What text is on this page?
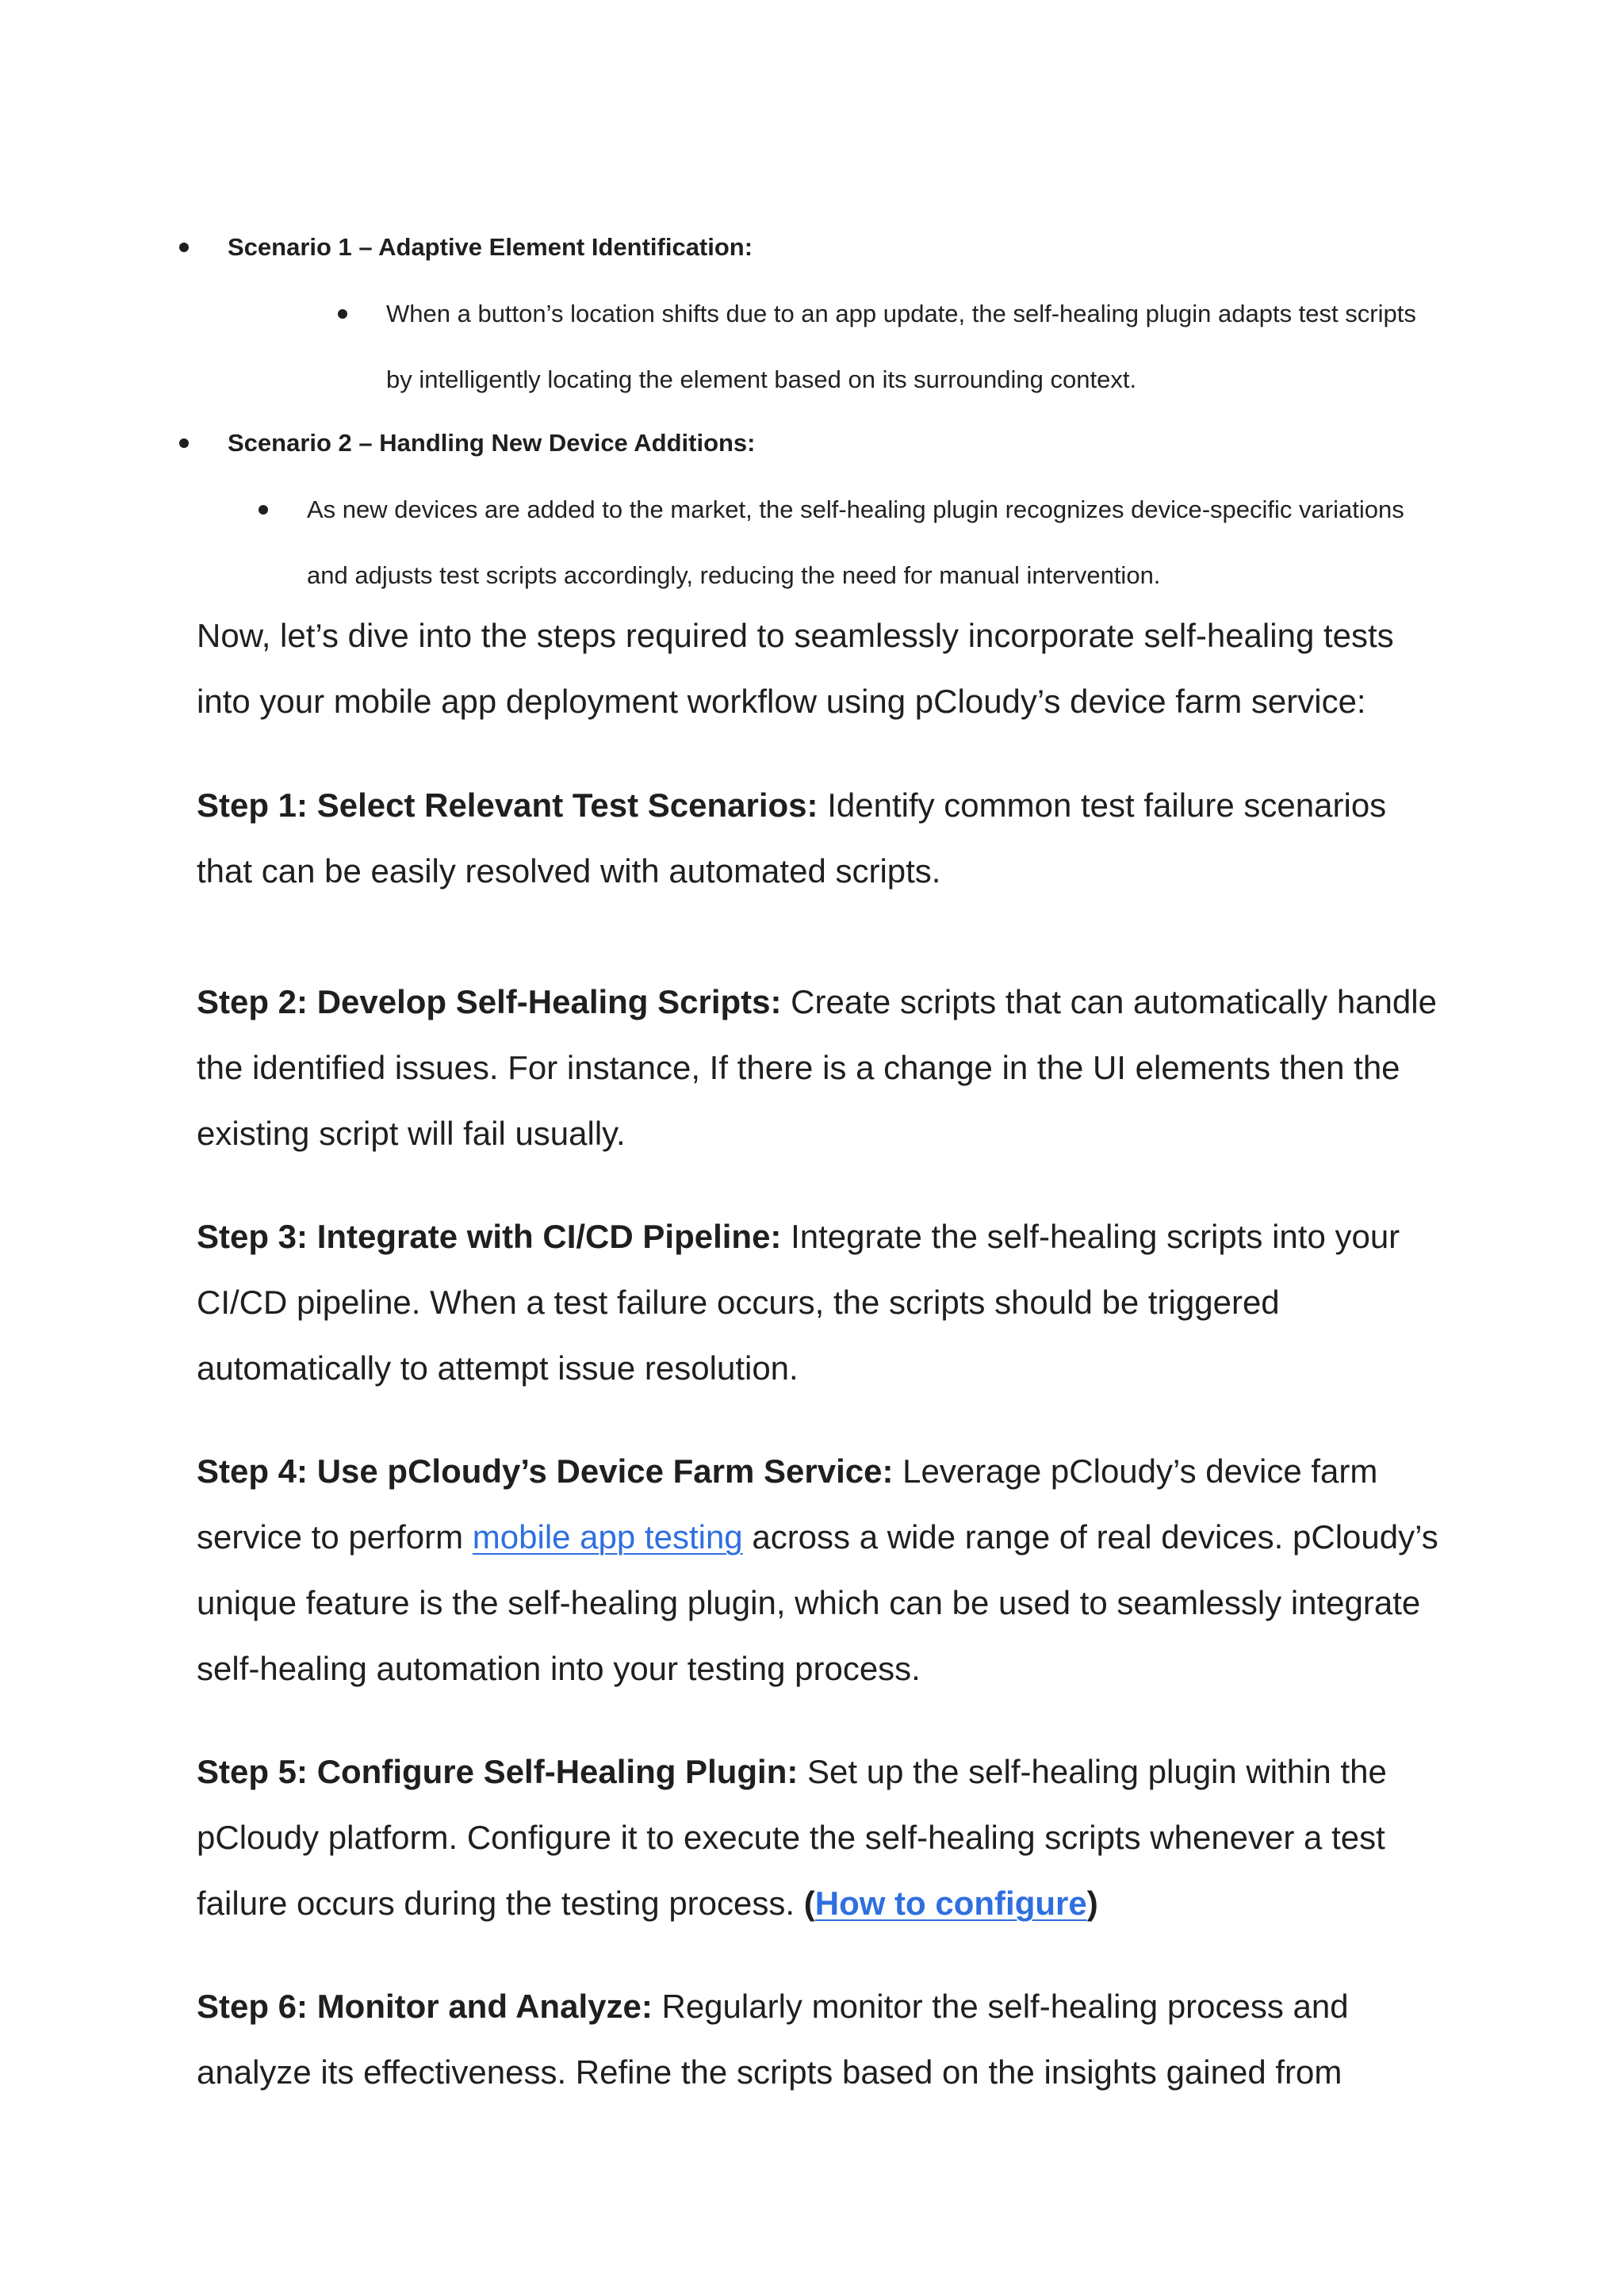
Scenario 1 – Adaptive Element Identification:
When a button’s location shifts due to an app update, the self-healing plugin adapts test scripts
by intelligently locating the element based on its surrounding context.
Scenario 2 – Handling New Device Additions:
As new devices are added to the market, the self-healing plugin recognizes device-specific variations
and adjusts test scripts accordingly, reducing the need for manual intervention.
Now, let’s dive into the steps required to seamlessly incorporate self-healing tests
into your mobile app deployment workflow using pCloudy’s device farm service:
Step 1: Select Relevant Test Scenarios: Identify common test failure scenarios
that can be easily resolved with automated scripts.
Step 2: Develop Self-Healing Scripts: Create scripts that can automatically handle
the identified issues. For instance, If there is a change in the UI elements then the
existing script will fail usually.
Step 3: Integrate with CI/CD Pipeline: Integrate the self-healing scripts into your
CI/CD pipeline. When a test failure occurs, the scripts should be triggered
automatically to attempt issue resolution.
Step 4: Use pCloudy’s Device Farm Service: Leverage pCloudy’s device farm
service to perform mobile app testing across a wide range of real devices. pCloudy’s
unique feature is the self-healing plugin, which can be used to seamlessly integrate
self-healing automation into your testing process.
Step 5: Configure Self-Healing Plugin: Set up the self-healing plugin within the
pCloudy platform. Configure it to execute the self-healing scripts whenever a test
failure occurs during the testing process. (How to configure)
Step 6: Monitor and Analyze: Regularly monitor the self-healing process and
analyze its effectiveness. Refine the scripts based on the insights gained from
